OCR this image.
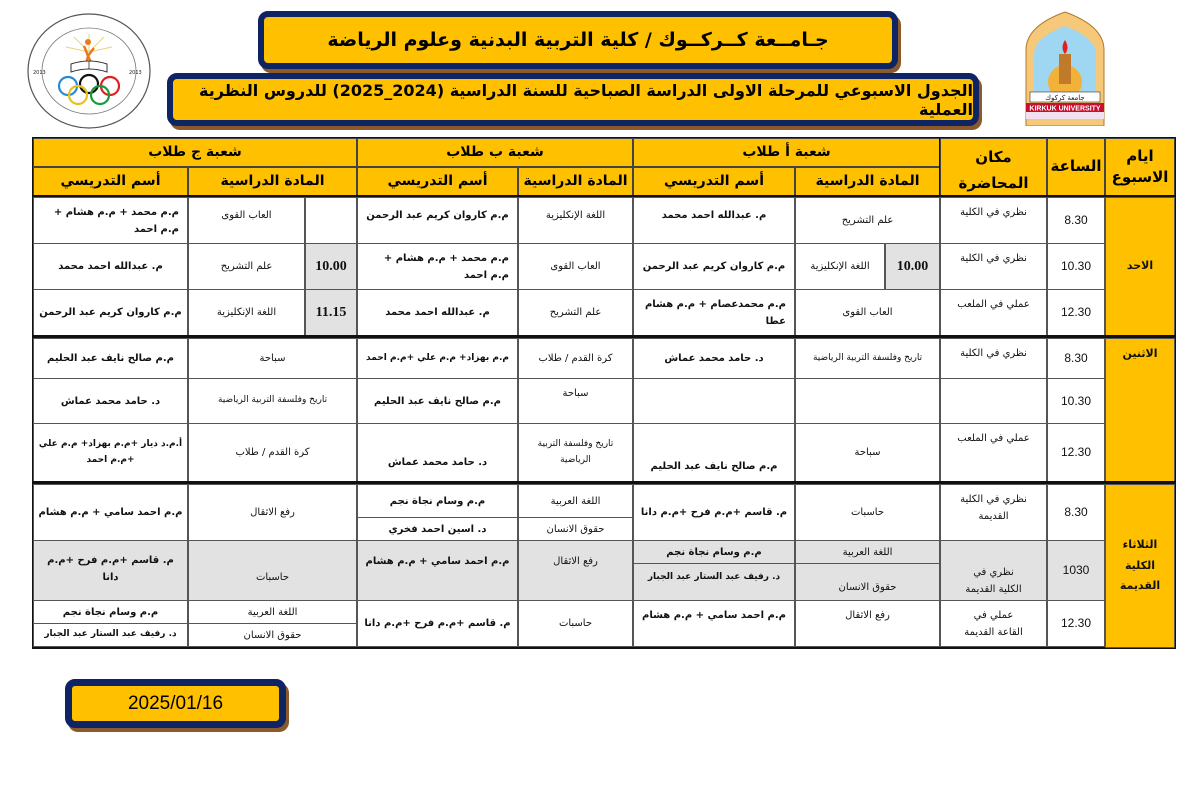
جـامــعة كــركــوك / كلية التربية البدنية وعلوم الرياضة
الجدول الاسبوعي للمرحلة الاولى الدراسة الصباحية للسنة الدراسية (2024_2025) للدروس النظرية العملية
2013	2013
جامعة كركوك
KIRKUK UNIVERSITY
ايام الاسبوع
الساعة
مكان المحاضرة
شعبة أ طلاب
شعبة ب طلاب
شعبة ج طلاب
المادة الدراسية
أسم التدريسي
المادة الدراسية
أسم التدريسي
المادة الدراسية
أسم التدريسي
الاحد
8.30
نظري في الكلية
علم التشريح
م. عبدالله احمد محمد
اللغة الإنكليزية
م.م كاروان كريم عبد الرحمن
العاب القوى
م.م محمد + م.م هشام + م.م احمد
10.30
نظري في الكلية
10.00
اللغة الإنكليزية
م.م كاروان كريم عبد الرحمن
العاب القوى
م.م محمد + م.م هشام + م.م احمد
10.00
علم التشريح
م. عبدالله احمد محمد
12.30
عملي في الملعب
العاب القوى
م.م محمدعصام + م.م هشام عطا
علم التشريح
م. عبدالله احمد محمد
11.15
اللغة الإنكليزية
م.م كاروان كريم عبد الرحمن
الاثنين
8.30
نظري في الكلية
تاريخ وفلسفة التربية الرياضية
د. حامد محمد عماش
كرة القدم / طلاب
م.م بهزاد+ م.م علي +م.م احمد
سباحة
م.م صالح نايف عبد الحليم
10.30
سباحة
م.م صالح نايف عبد الحليم
تاريخ وفلسفة التربية الرياضية
د. حامد محمد عماش
12.30
عملي في الملعب
سباحة
م.م صالح نايف عبد الحليم
تاريخ وفلسفة التربية الرياضية
د. حامد محمد عماش
كرة القدم / طلاب
أ.م.د ديار +م.م بهزاد+ م.م علي +م.م احمد
الثلاثاء الكلية القديمة
8.30
نظري في الكلية القديمة
حاسبات
م. قاسم +م.م فرح +م.م دانا
اللغة العربية
م.م وسام نجاة نجم
حقوق الانسان
د. اسين احمد فخري
رفع الاثقال
م.م احمد سامي + م.م هشام
1030
نظري في الكلية القديمة
اللغة العربية
م.م وسام نجاة نجم
حقوق الانسان
د. رفيف عبد الستار عبد الجبار
رفع الاثقال
م.م احمد سامي + م.م هشام
حاسبات
م. قاسم +م.م فرح +م.م دانا
12.30
عملي في القاعة القديمة
رفع الاثقال
م.م احمد سامي + م.م هشام
حاسبات
م. قاسم +م.م فرح +م.م دانا
اللغة العربية
م.م وسام نجاة نجم
حقوق الانسان
د. رفيف عبد الستار عبد الجبار
2025/01/16
